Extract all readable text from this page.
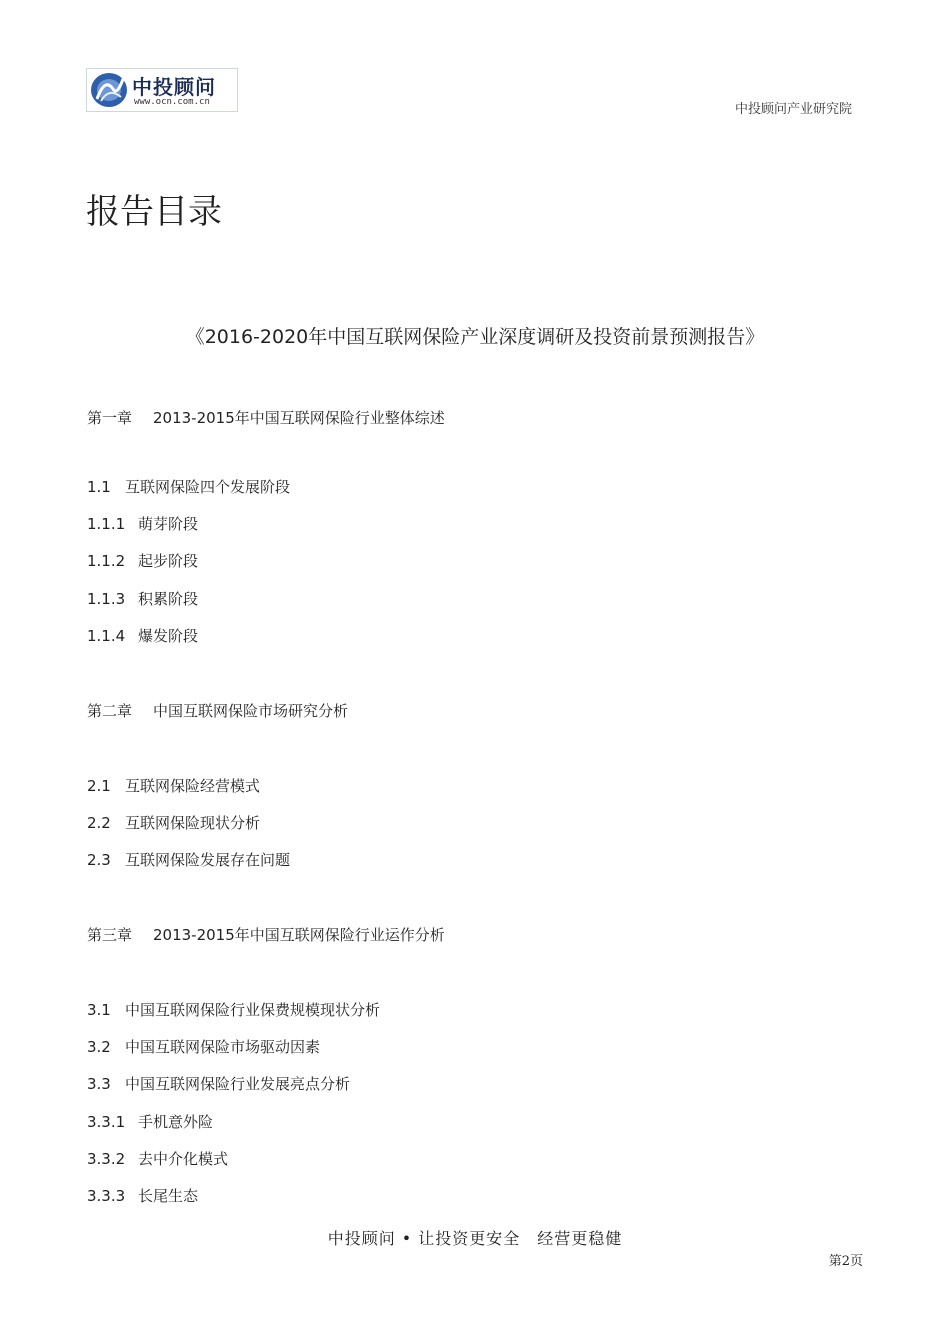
中投顾问
www.ocn.com.cn	中投顾问产业研究院
报告目录
《2016-2020年中国互联网保险产业深度调研及投资前景预测报告》
第一章 2013-2015年中国互联网保险行业整体综述
1.1 互联网保险四个发展阶段
1.1.1 萌芽阶段
1.1.2 起步阶段
1.1.3 积累阶段
1.1.4 爆发阶段
第二章 中国互联网保险市场研究分析
2.1 互联网保险经营模式
2.2 互联网保险现状分析
2.3 互联网保险发展存在问题
第三章 2013-2015年中国互联网保险行业运作分析
3.1 中国互联网保险行业保费规模现状分析
3.2 中国互联网保险市场驱动因素
3.3 中国互联网保险行业发展亮点分析
3.3.1 手机意外险
3.3.2 去中介化模式
3.3.3 长尾生态
中投顾问 • 让投资更安全　经营更稳健
第2页
